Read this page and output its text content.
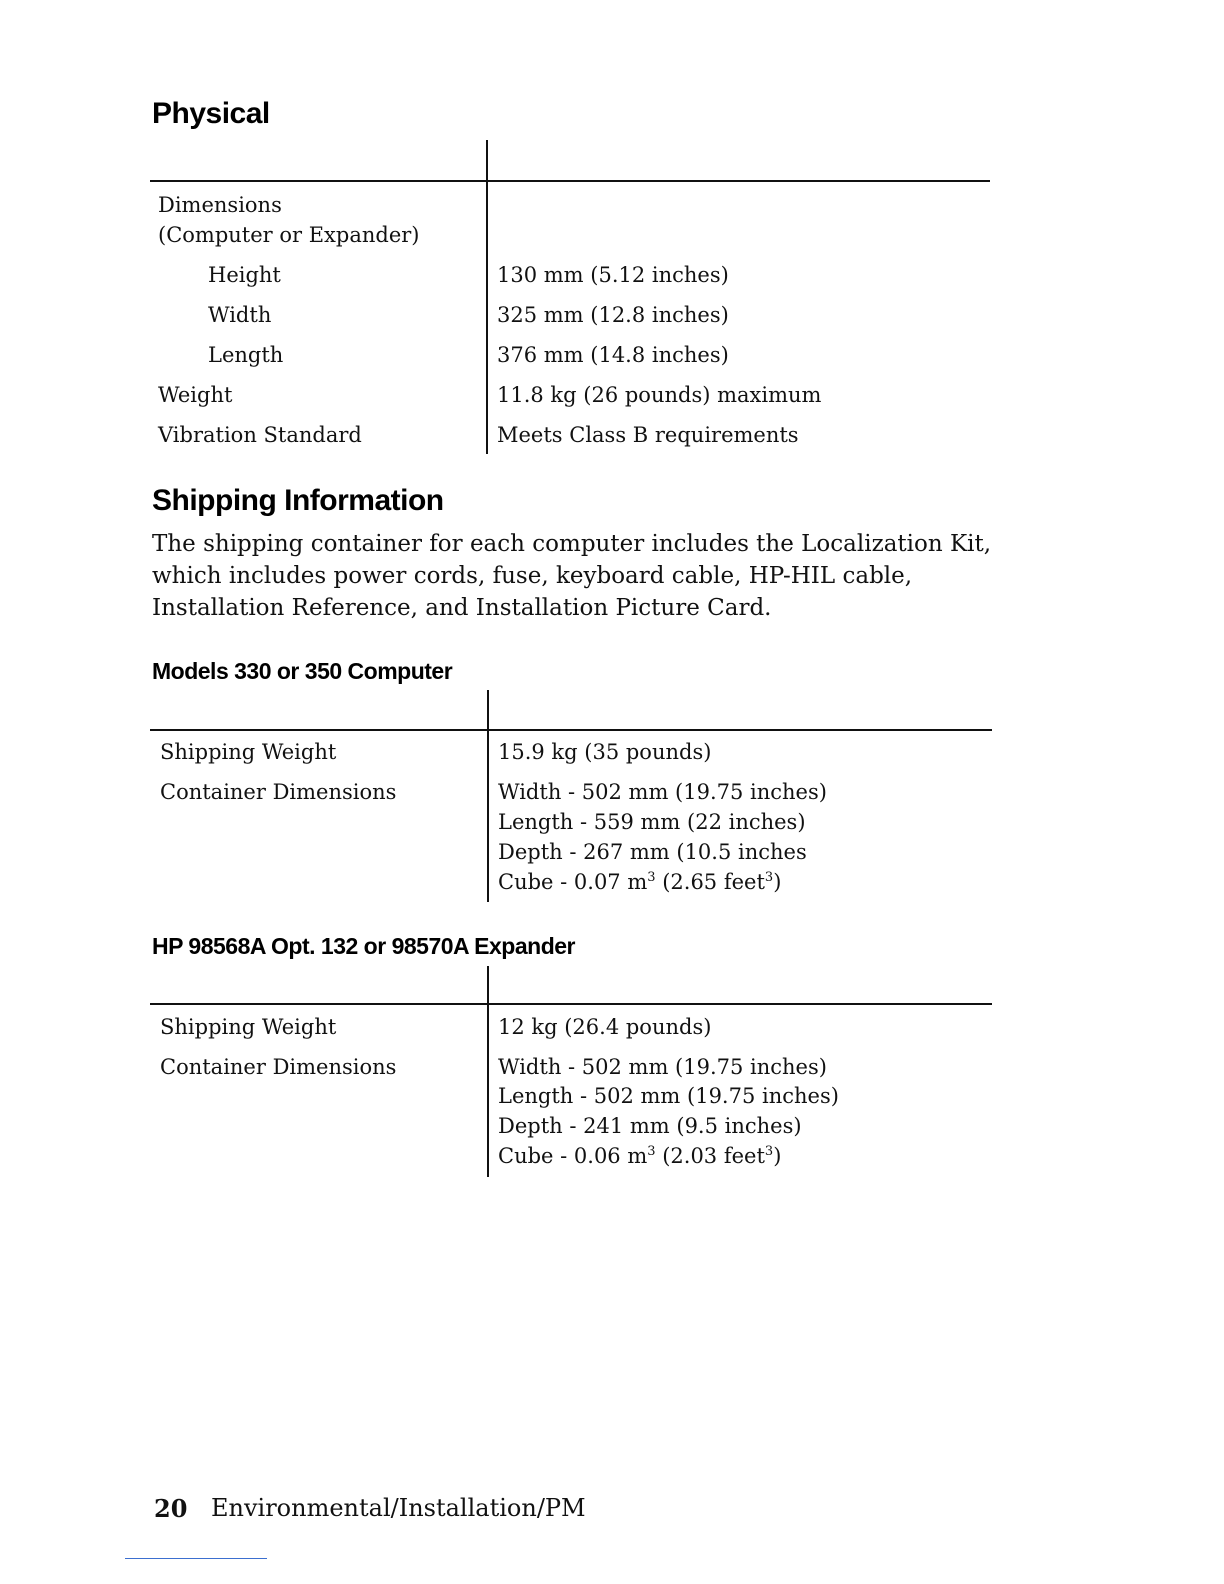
Physical
Dimensions
(Computer or Expander)
Height	130 mm (5.12 inches)
Width	325 mm (12.8 inches)
Length	376 mm (14.8 inches)
Weight	11.8 kg (26 pounds) maximum
Vibration Standard	Meets Class B requirements
Shipping Information
The shipping container for each computer includes the Localization Kit, which includes power cords, fuse, keyboard cable, HP-HIL cable, Installation Reference, and Installation Picture Card.
Models 330 or 350 Computer
Shipping Weight	15.9 kg (35 pounds)
Container Dimensions	Width - 502 mm (19.75 inches)
Length - 559 mm (22 inches)
Depth - 267 mm (10.5 inches
Cube - 0.07 $m^3$ (2.65 feet$^3$)
HP 98568A Opt. 132 or 98570A Expander
Shipping Weight	12 kg (26.4 pounds)
Container Dimensions	Width - 502 mm (19.75 inches)
Length - 502 mm (19.75 inches)
Depth - 241 mm (9.5 inches)
Cube - 0.06 $m^3$ (2.03 feet$^3$)
20 Environmental/Installation/PM
